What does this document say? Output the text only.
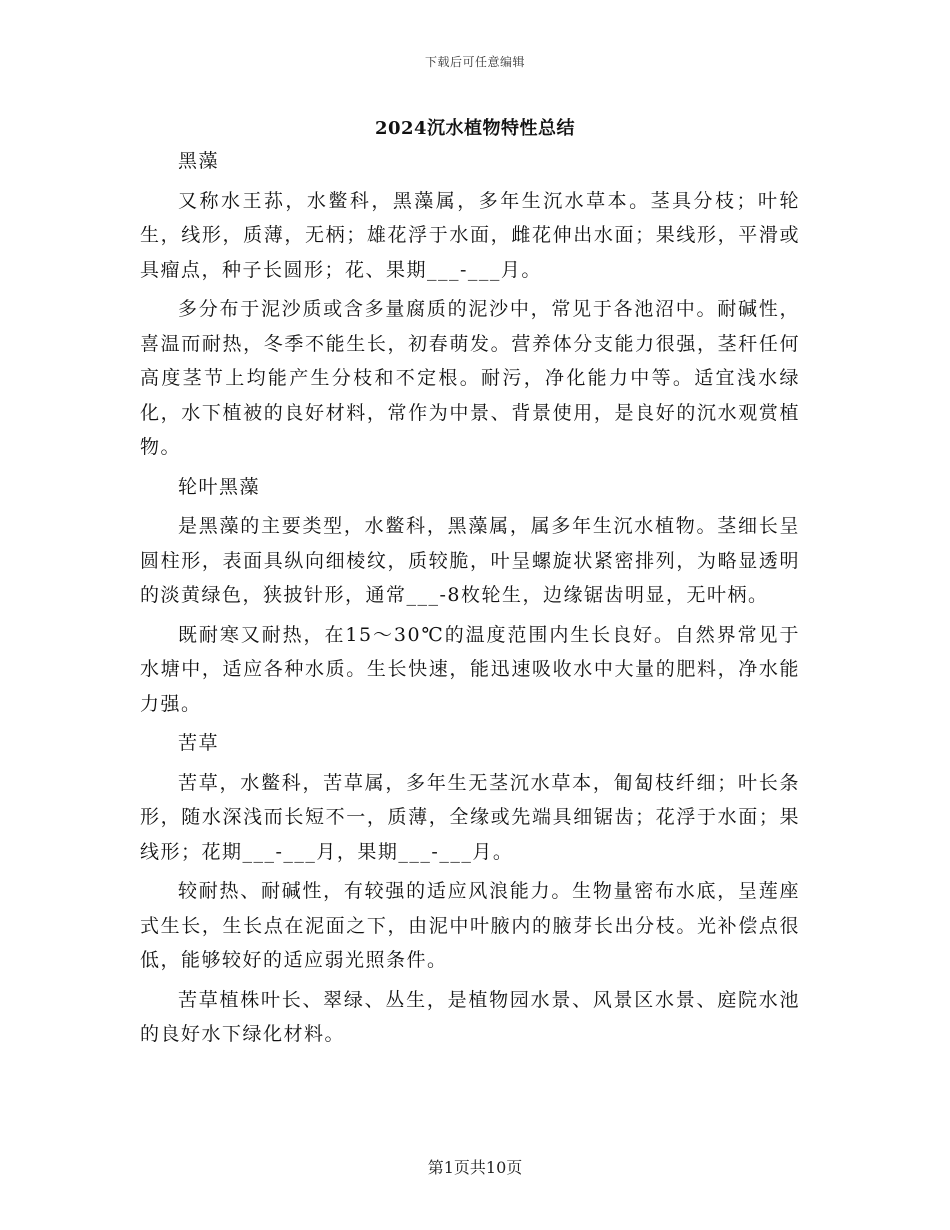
下载后可任意编辑
2024沉水植物特性总结

黑藻

又称水王荪，水鳖科，黑藻属，多年生沉水草本。茎具分枝；叶轮生，线形，质薄，无柄；雄花浮于水面，雌花伸出水面；果线形，平滑或具瘤点，种子长圆形；花、果期___-___月。

多分布于泥沙质或含多量腐质的泥沙中，常见于各池沼中。耐碱性，喜温而耐热，冬季不能生长，初春萌发。营养体分支能力很强，茎秆任何高度茎节上均能产生分枝和不定根。耐污，净化能力中等。适宜浅水绿化，水下植被的良好材料，常作为中景、背景使用，是良好的沉水观赏植物。

轮叶黑藻

是黑藻的主要类型，水鳖科，黑藻属，属多年生沉水植物。茎细长呈圆柱形，表面具纵向细棱纹，质较脆，叶呈螺旋状紧密排列，为略显透明的淡黄绿色，狭披针形，通常___-8枚轮生，边缘锯齿明显，无叶柄。

既耐寒又耐热，在15～30℃的温度范围内生长良好。自然界常见于水塘中，适应各种水质。生长快速，能迅速吸收水中大量的肥料，净水能力强。

苦草

苦草，水鳖科，苦草属，多年生无茎沉水草本，匍匐枝纤细；叶长条形，随水深浅而长短不一，质薄，全缘或先端具细锯齿；花浮于水面；果线形；花期___-___月，果期___-___月。

较耐热、耐碱性，有较强的适应风浪能力。生物量密布水底，呈莲座式生长，生长点在泥面之下，由泥中叶腋内的腋芽长出分枝。光补偿点很低，能够较好的适应弱光照条件。

苦草植株叶长、翠绿、丛生，是植物园水景、风景区水景、庭院水池的良好水下绿化材料。

第1页共10页
